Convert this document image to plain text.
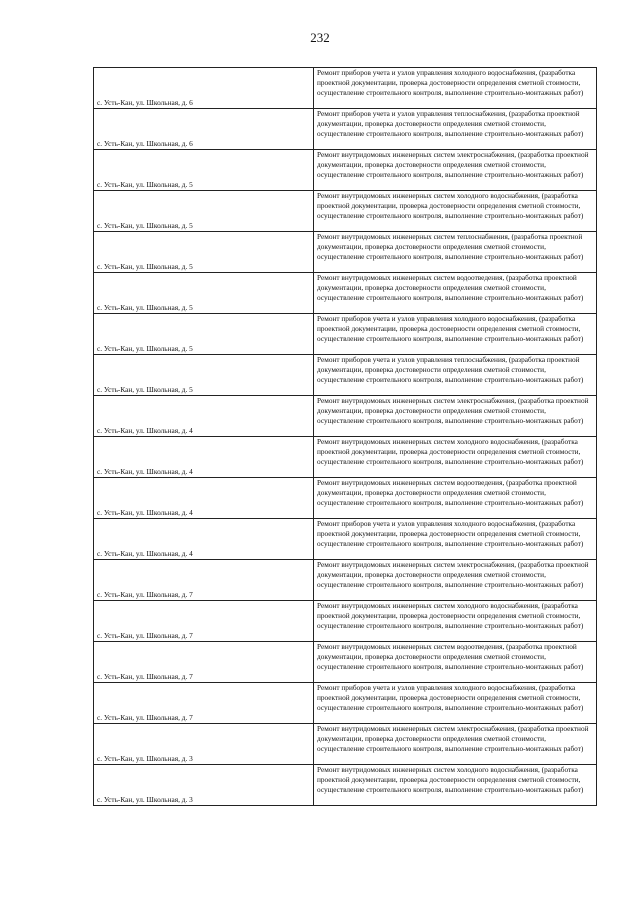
232
с. Усть-Кан, ул. Школьная, д. 6	Ремонт приборов учета и узлов управления холодного водоснабжения, (разработка проектной документации, проверка достоверности определения сметной стоимости, осуществление строительного контроля, выполнение строительно-монтажных работ)
с. Усть-Кан, ул. Школьная, д. 6	Ремонт приборов учета и узлов управления теплоснабжения, (разработка проектной документации, проверка достоверности определения сметной стоимости, осуществление строительного контроля, выполнение строительно-монтажных работ)
с. Усть-Кан, ул. Школьная, д. 5	Ремонт внутридомовых инженерных систем электроснабжения, (разработка проектной документации, проверка достоверности определения сметной стоимости, осуществление строительного контроля, выполнение строительно-монтажных работ)
с. Усть-Кан, ул. Школьная, д. 5	Ремонт внутридомовых инженерных систем холодного водоснабжения, (разработка проектной документации, проверка достоверности определения сметной стоимости, осуществление строительного контроля, выполнение строительно-монтажных работ)
с. Усть-Кан, ул. Школьная, д. 5	Ремонт внутридомовых инженерных систем теплоснабжения, (разработка проектной документации, проверка достоверности определения сметной стоимости, осуществление строительного контроля, выполнение строительно-монтажных работ)
с. Усть-Кан, ул. Школьная, д. 5	Ремонт внутридомовых инженерных систем водоотведения, (разработка проектной документации, проверка достоверности определения сметной стоимости, осуществление строительного контроля, выполнение строительно-монтажных работ)
с. Усть-Кан, ул. Школьная, д. 5	Ремонт приборов учета и узлов управления холодного водоснабжения, (разработка проектной документации, проверка достоверности определения сметной стоимости, осуществление строительного контроля, выполнение строительно-монтажных работ)
с. Усть-Кан, ул. Школьная, д. 5	Ремонт приборов учета и узлов управления теплоснабжения, (разработка проектной документации, проверка достоверности определения сметной стоимости, осуществление строительного контроля, выполнение строительно-монтажных работ)
с. Усть-Кан, ул. Школьная, д. 4	Ремонт внутридомовых инженерных систем электроснабжения, (разработка проектной документации, проверка достоверности определения сметной стоимости, осуществление строительного контроля, выполнение строительно-монтажных работ)
с. Усть-Кан, ул. Школьная, д. 4	Ремонт внутридомовых инженерных систем холодного водоснабжения, (разработка проектной документации, проверка достоверности определения сметной стоимости, осуществление строительного контроля, выполнение строительно-монтажных работ)
с. Усть-Кан, ул. Школьная, д. 4	Ремонт внутридомовых инженерных систем водоотведения, (разработка проектной документации, проверка достоверности определения сметной стоимости, осуществление строительного контроля, выполнение строительно-монтажных работ)
с. Усть-Кан, ул. Школьная, д. 4	Ремонт приборов учета и узлов управления холодного водоснабжения, (разработка проектной документации, проверка достоверности определения сметной стоимости, осуществление строительного контроля, выполнение строительно-монтажных работ)
с. Усть-Кан, ул. Школьная, д. 7	Ремонт внутридомовых инженерных систем электроснабжения, (разработка проектной документации, проверка достоверности определения сметной стоимости, осуществление строительного контроля, выполнение строительно-монтажных работ)
с. Усть-Кан, ул. Школьная, д. 7	Ремонт внутридомовых инженерных систем холодного водоснабжения, (разработка проектной документации, проверка достоверности определения сметной стоимости, осуществление строительного контроля, выполнение строительно-монтажных работ)
с. Усть-Кан, ул. Школьная, д. 7	Ремонт внутридомовых инженерных систем водоотведения, (разработка проектной документации, проверка достоверности определения сметной стоимости, осуществление строительного контроля, выполнение строительно-монтажных работ)
с. Усть-Кан, ул. Школьная, д. 7	Ремонт приборов учета и узлов управления холодного водоснабжения, (разработка проектной документации, проверка достоверности определения сметной стоимости, осуществление строительного контроля, выполнение строительно-монтажных работ)
с. Усть-Кан, ул. Школьная, д. 3	Ремонт внутридомовых инженерных систем электроснабжения, (разработка проектной документации, проверка достоверности определения сметной стоимости, осуществление строительного контроля, выполнение строительно-монтажных работ)
с. Усть-Кан, ул. Школьная, д. 3	Ремонт внутридомовых инженерных систем холодного водоснабжения, (разработка проектной документации, проверка достоверности определения сметной стоимости, осуществление строительного контроля, выполнение строительно-монтажных работ)
